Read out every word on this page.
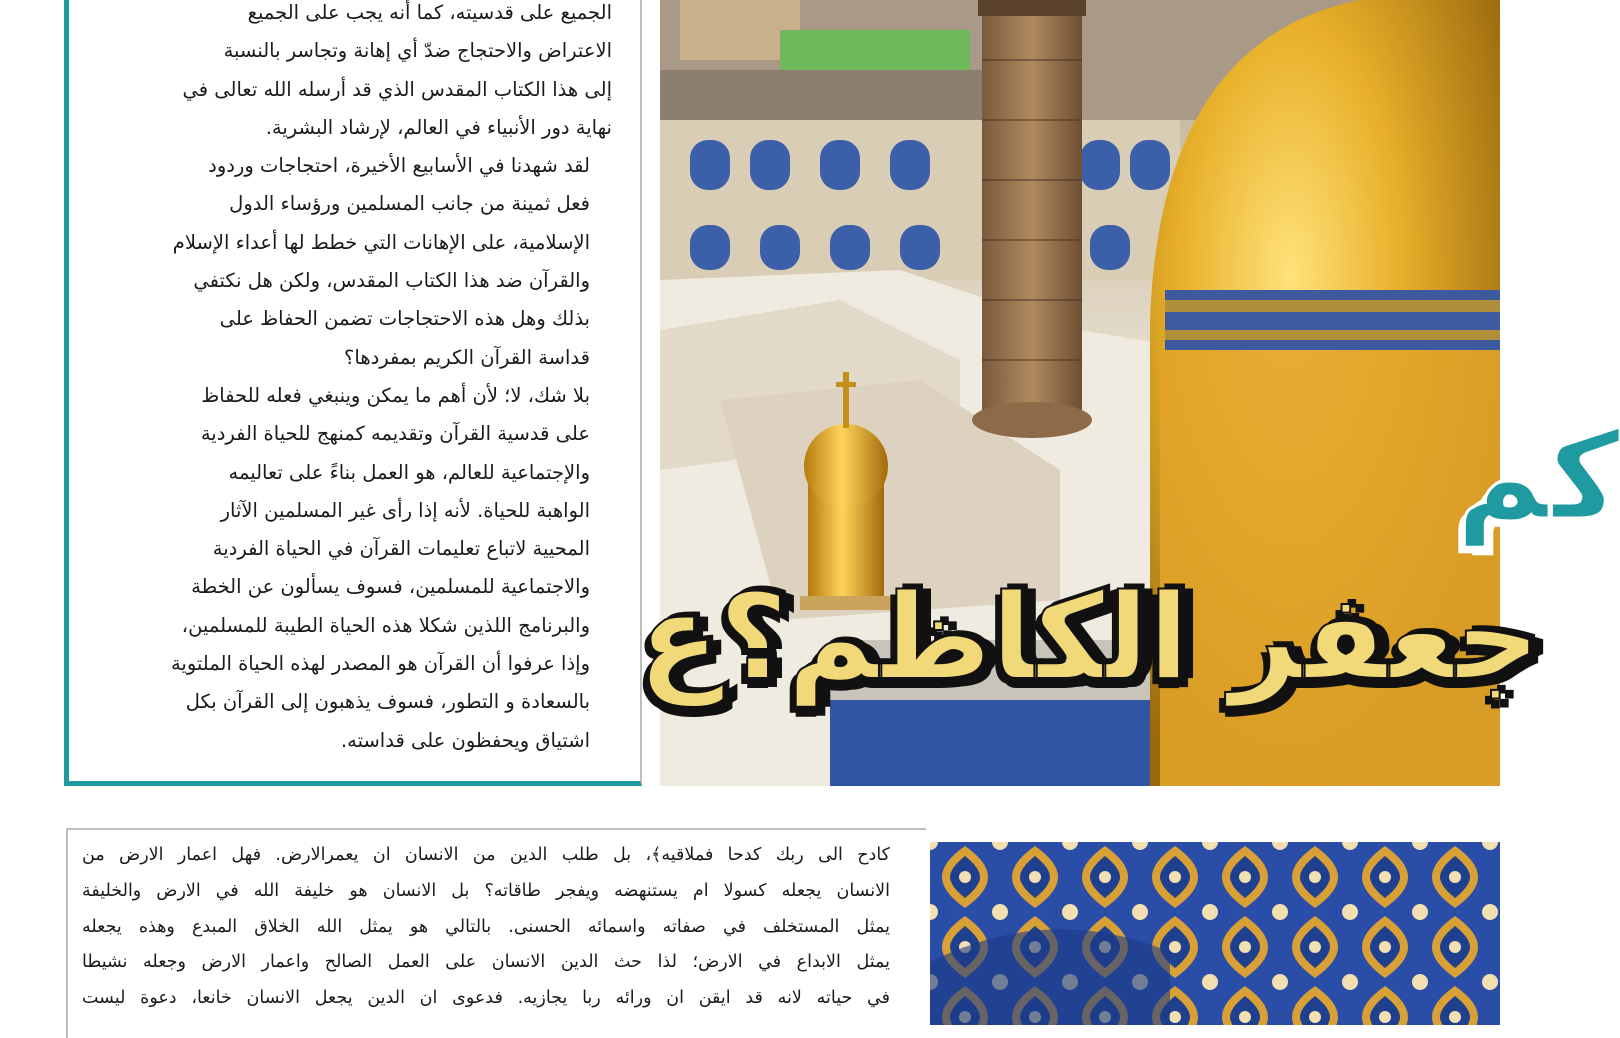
الجميع على قدسيته، كما أنه يجب على الجميع
الاعتراض والاحتجاج ضدّ أي إهانة وتجاسر بالنسبة
إلى هذا الكتاب المقدس الذي قد أرسله الله تعالى في
نهاية دور الأنبياء في العالم، لإرشاد البشرية.

لقد شهدنا في الأسابيع الأخيرة، احتجاجات وردود
فعل ثمينة من جانب المسلمين ورؤساء الدول
الإسلامية، على الإهانات التي خطط لها أعداء الإسلام
والقرآن ضد هذا الكتاب المقدس، ولكن هل نكتفي
بذلك وهل هذه الاحتجاجات تضمن الحفاظ على
قداسة القرآن الكريم بمفردها؟

بلا شك، لا؛ لأن أهم ما يمكن وينبغي فعله للحفاظ
على قدسية القرآن وتقديمه كمنهج للحياة الفردية
والإجتماعية للعالم، هو العمل بناءً على تعاليمه
الواهبة للحياة. لأنه إذا رأى غير المسلمين الآثار
المحيية لاتباع تعليمات القرآن في الحياة الفردية
والاجتماعية للمسلمين، فسوف يسألون عن الخطة
والبرنامج اللذين شكلا هذه الحياة الطيبة للمسلمين،
وإذا عرفوا أن القرآن هو المصدر لهذه الحياة الملتوية
بالسعادة و التطور، فسوف يذهبون إلى القرآن بكل
اشتياق ويحفظون على قداسته.

كم
جعفر الكاظم؟ع
كادح الى ربك كدحا فملاقيه﴾، بل طلب الدين من الانسان ان يعمرالارض. فهل اعمار الارض من
الانسان يجعله كسولا ام يستنهضه ويفجر طاقاته؟ بل الانسان هو خليفة الله في الارض والخليفة
يمثل المستخلف في صفاته واسمائه الحسنى. بالتالي هو يمثل الله الخلاق المبدع وهذه يجعله
يمثل الابداع في الارض؛ لذا حث الدين الانسان على العمل الصالح واعمار الارض وجعله نشيطا
في حياته لانه قد ايقن ان ورائه ربا يجازيه. فدعوى ان الدين يجعل الانسان خانعا، دعوة ليست
